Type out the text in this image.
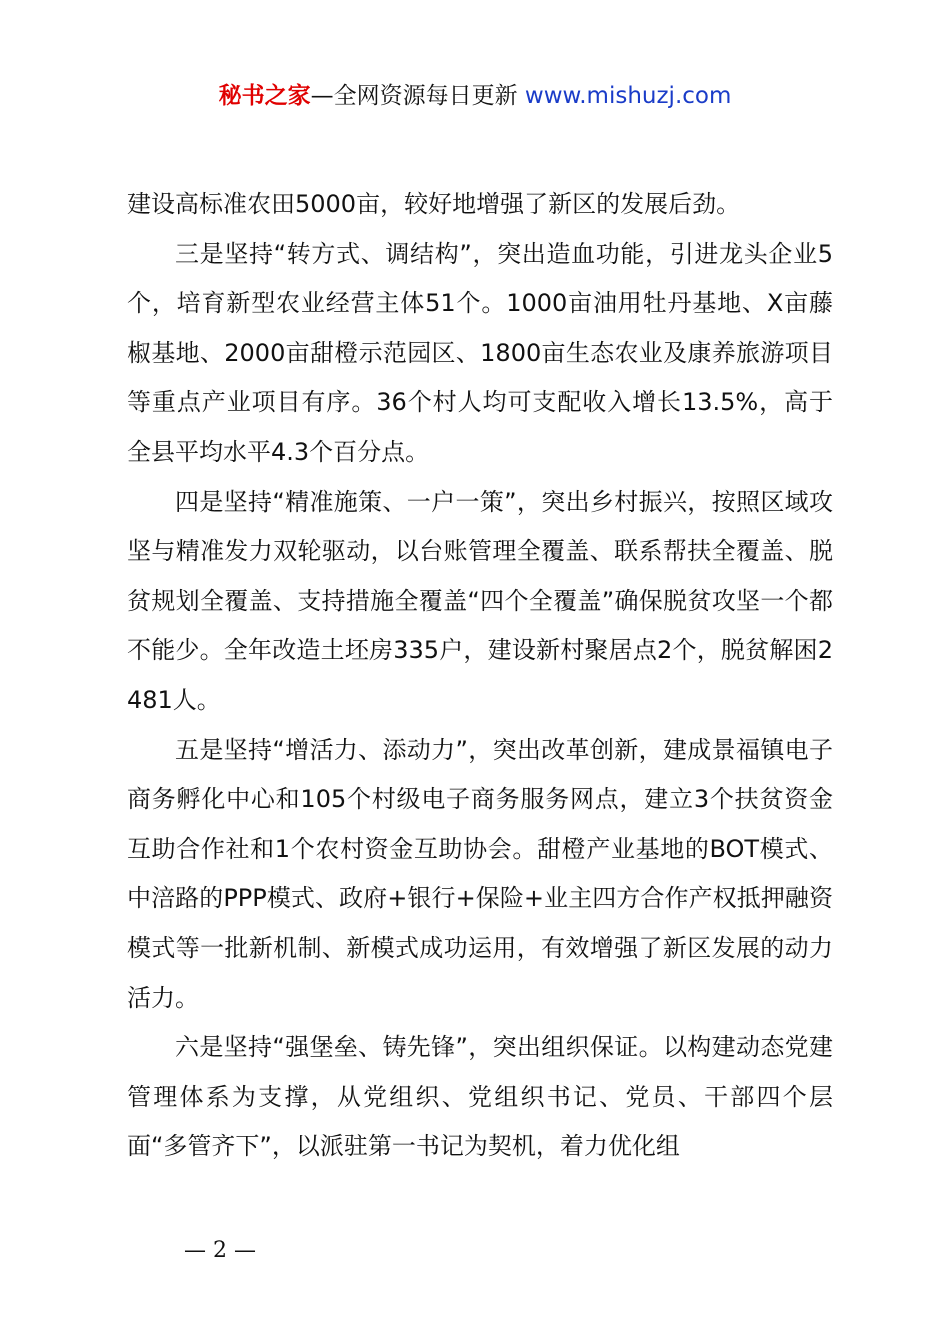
秘书之家—全网资源每日更新 www.mishuzj.com

建设高标准农田5000亩，较好地增强了新区的发展后劲。

三是坚持“转方式、调结构”，突出造血功能，引进龙头企业5个，培育新型农业经营主体51个。1000亩油用牡丹基地、X亩藤椒基地、2000亩甜橙示范园区、1800亩生态农业及康养旅游项目等重点产业项目有序。36个村人均可支配收入增长13.5%，高于全县平均水平4.3个百分点。

四是坚持“精准施策、一户一策”，突出乡村振兴，按照区域攻坚与精准发力双轮驱动，以台账管理全覆盖、联系帮扶全覆盖、脱贫规划全覆盖、支持措施全覆盖“四个全覆盖”确保脱贫攻坚一个都不能少。全年改造土坯房335户，建设新村聚居点2个，脱贫解困2481人。

五是坚持“增活力、添动力”，突出改革创新，建成景福镇电子商务孵化中心和105个村级电子商务服务网点，建立3个扶贫资金互助合作社和1个农村资金互助协会。甜橙产业基地的BOT模式、中涪路的PPP模式、政府+银行+保险+业主四方合作产权抵押融资模式等一批新机制、新模式成功运用，有效增强了新区发展的动力活力。

六是坚持“强堡垒、铸先锋”，突出组织保证。以构建动态党建管理体系为支撑，从党组织、党组织书记、党员、干部四个层面“多管齐下”，以派驻第一书记为契机，着力优化组

— 2 —
